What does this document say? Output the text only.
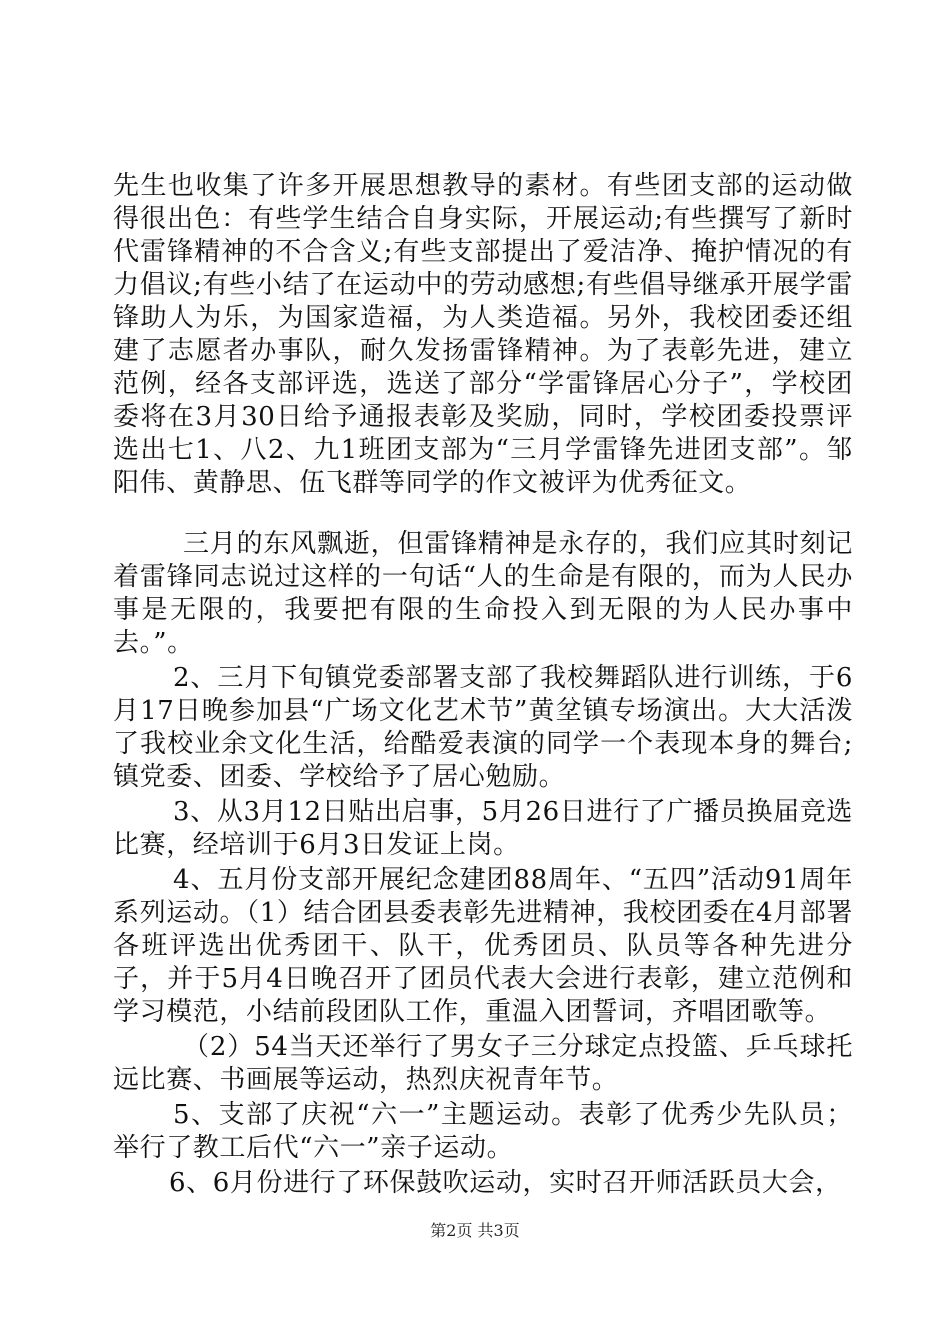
先生也收集了许多开展思想教导的素材。有些团支部的运动做得很出色：有些学生结合自身实际，开展运动;有些撰写了新时代雷锋精神的不合含义;有些支部提出了爱洁净、掩护情况的有力倡议;有些小结了在运动中的劳动感想;有些倡导继承开展学雷锋助人为乐，为国家造福，为人类造福。另外，我校团委还组建了志愿者办事队，耐久发扬雷锋精神。为了表彰先进，建立范例，经各支部评选，选送了部分“学雷锋居心分子”，学校团委将在3月30日给予通报表彰及奖励，同时，学校团委投票评选出七1、八2、九1班团支部为“三月学雷锋先进团支部”。邹阳伟、黄静思、伍飞群等同学的作文被评为优秀征文。

三月的东风飘逝，但雷锋精神是永存的，我们应其时刻记着雷锋同志说过这样的一句话“人的生命是有限的，而为人民办事是无限的，我要把有限的生命投入到无限的为人民办事中去。”。

2、三月下旬镇党委部署支部了我校舞蹈队进行训练，于6月17日晚参加县“广场文化艺术节”黄坌镇专场演出。大大活泼了我校业余文化生活，给酷爱表演的同学一个表现本身的舞台;镇党委、团委、学校给予了居心勉励。

3、从3月12日贴出启事，5月26日进行了广播员换届竞选比赛，经培训于6月3日发证上岗。

4、五月份支部开展纪念建团88周年、“五四”活动91周年系列运动。（1）结合团县委表彰先进精神，我校团委在4月部署各班评选出优秀团干、队干，优秀团员、队员等各种先进分子，并于5月4日晚召开了团员代表大会进行表彰，建立范例和学习模范，小结前段团队工作，重温入团誓词，齐唱团歌等。

（2）54当天还举行了男女子三分球定点投篮、乒乓球托远比赛、书画展等运动，热烈庆祝青年节。

5、支部了庆祝“六一”主题运动。表彰了优秀少先队员；举行了教工后代“六一”亲子运动。

6、6月份进行了环保鼓吹运动，实时召开师活跃员大会，

第2页 共3页
